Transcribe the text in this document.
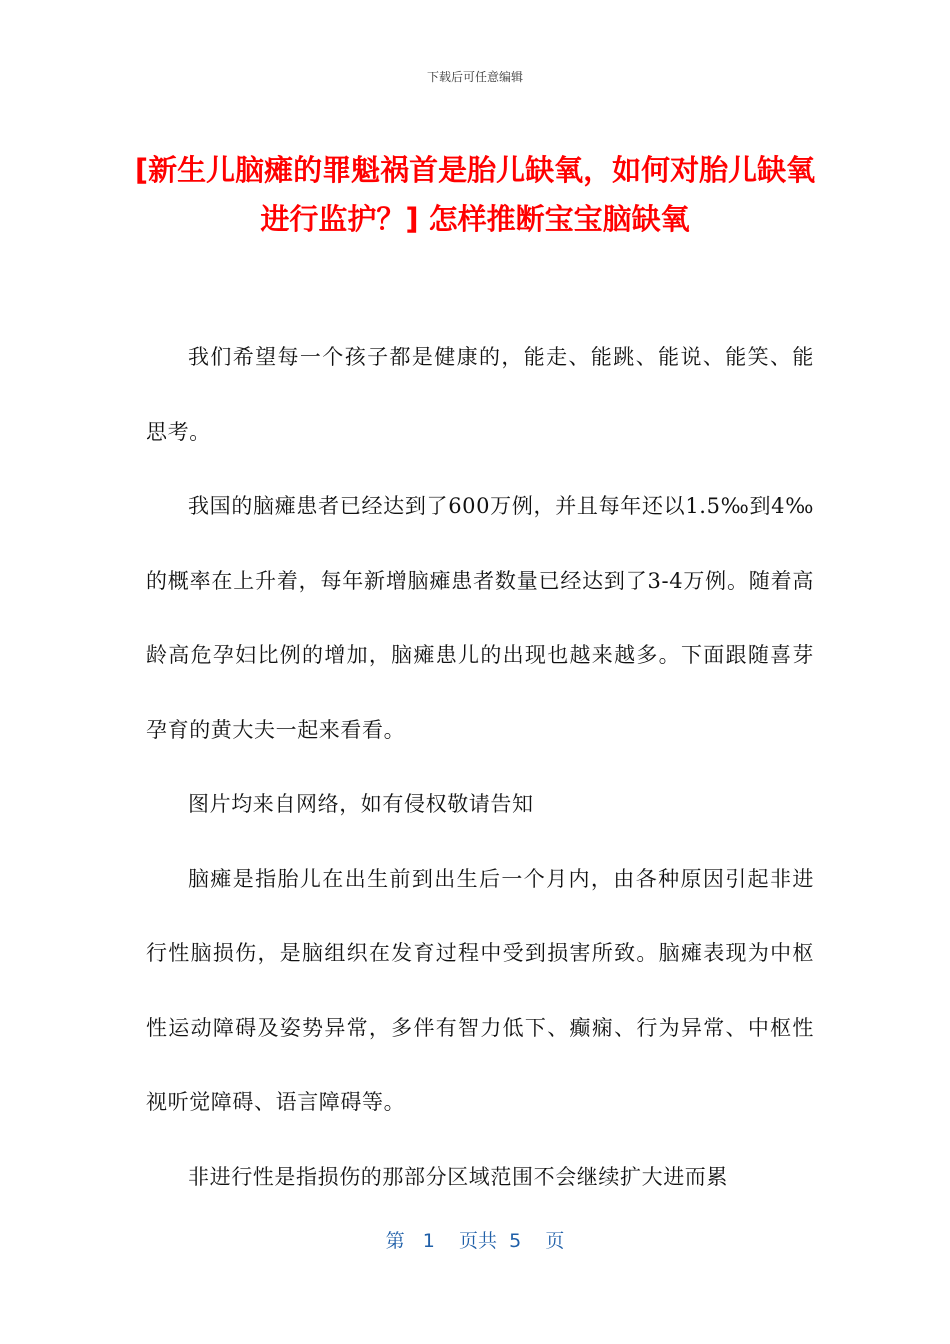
下载后可任意编辑
[新生儿脑瘫的罪魁祸首是胎儿缺氧，如何对胎儿缺氧进行监护？] 怎样推断宝宝脑缺氧

我们希望每一个孩子都是健康的，能走、能跳、能说、能笑、能思考。

我国的脑瘫患者已经达到了600万例，并且每年还以1.5‰到4‰的概率在上升着，每年新增脑瘫患者数量已经达到了3-4万例。随着高龄高危孕妇比例的增加，脑瘫患儿的出现也越来越多。下面跟随喜芽孕育的黄大夫一起来看看。

图片均来自网络，如有侵权敬请告知

脑瘫是指胎儿在出生前到出生后一个月内，由各种原因引起非进行性脑损伤，是脑组织在发育过程中受到损害所致。脑瘫表现为中枢性运动障碍及姿势异常，多伴有智力低下、癫痫、行为异常、中枢性视听觉障碍、语言障碍等。

非进行性是指损伤的那部分区域范围不会继续扩大进而累

第 1 页共 5 页
